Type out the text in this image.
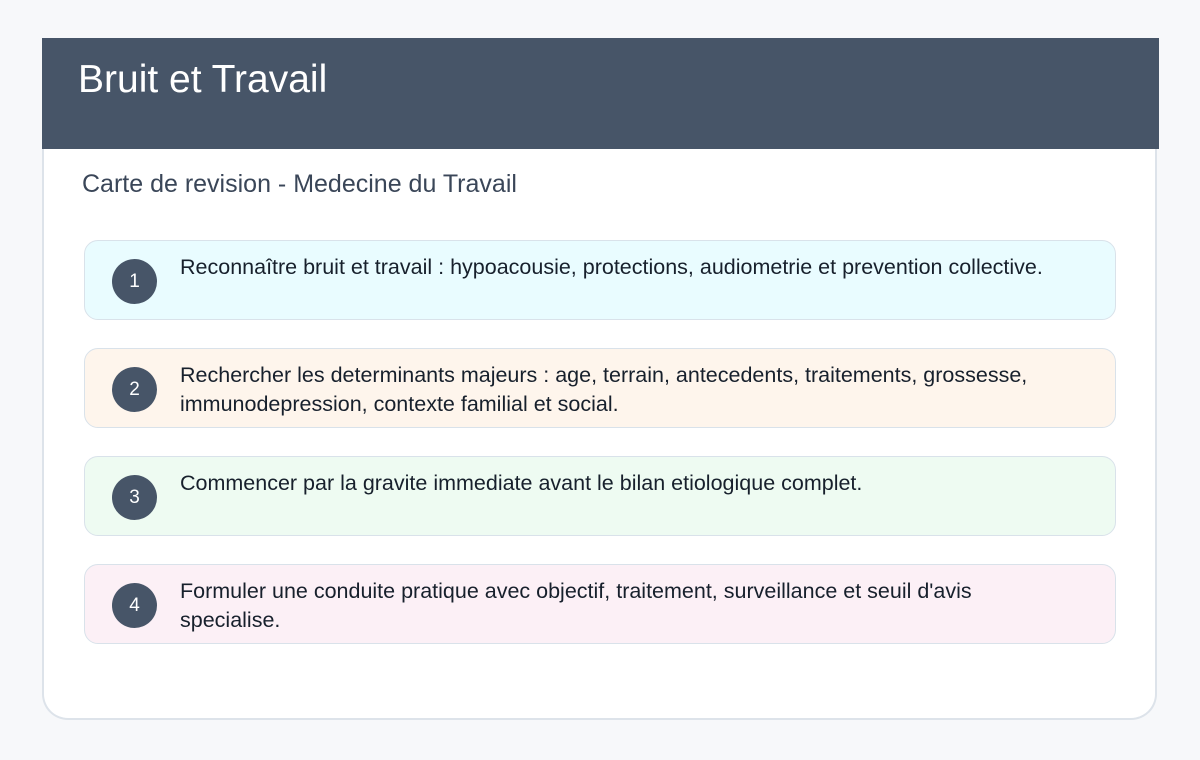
Bruit et Travail
Carte de revision - Medecine du Travail
1
Reconnaître bruit et travail : hypoacousie, protections, audiometrie et prevention collective.
2
Rechercher les determinants majeurs : age, terrain, antecedents, traitements, grossesse, immunodepression, contexte familial et social.
3
Commencer par la gravite immediate avant le bilan etiologique complet.
4
Formuler une conduite pratique avec objectif, traitement, surveillance et seuil d'avis specialise.
